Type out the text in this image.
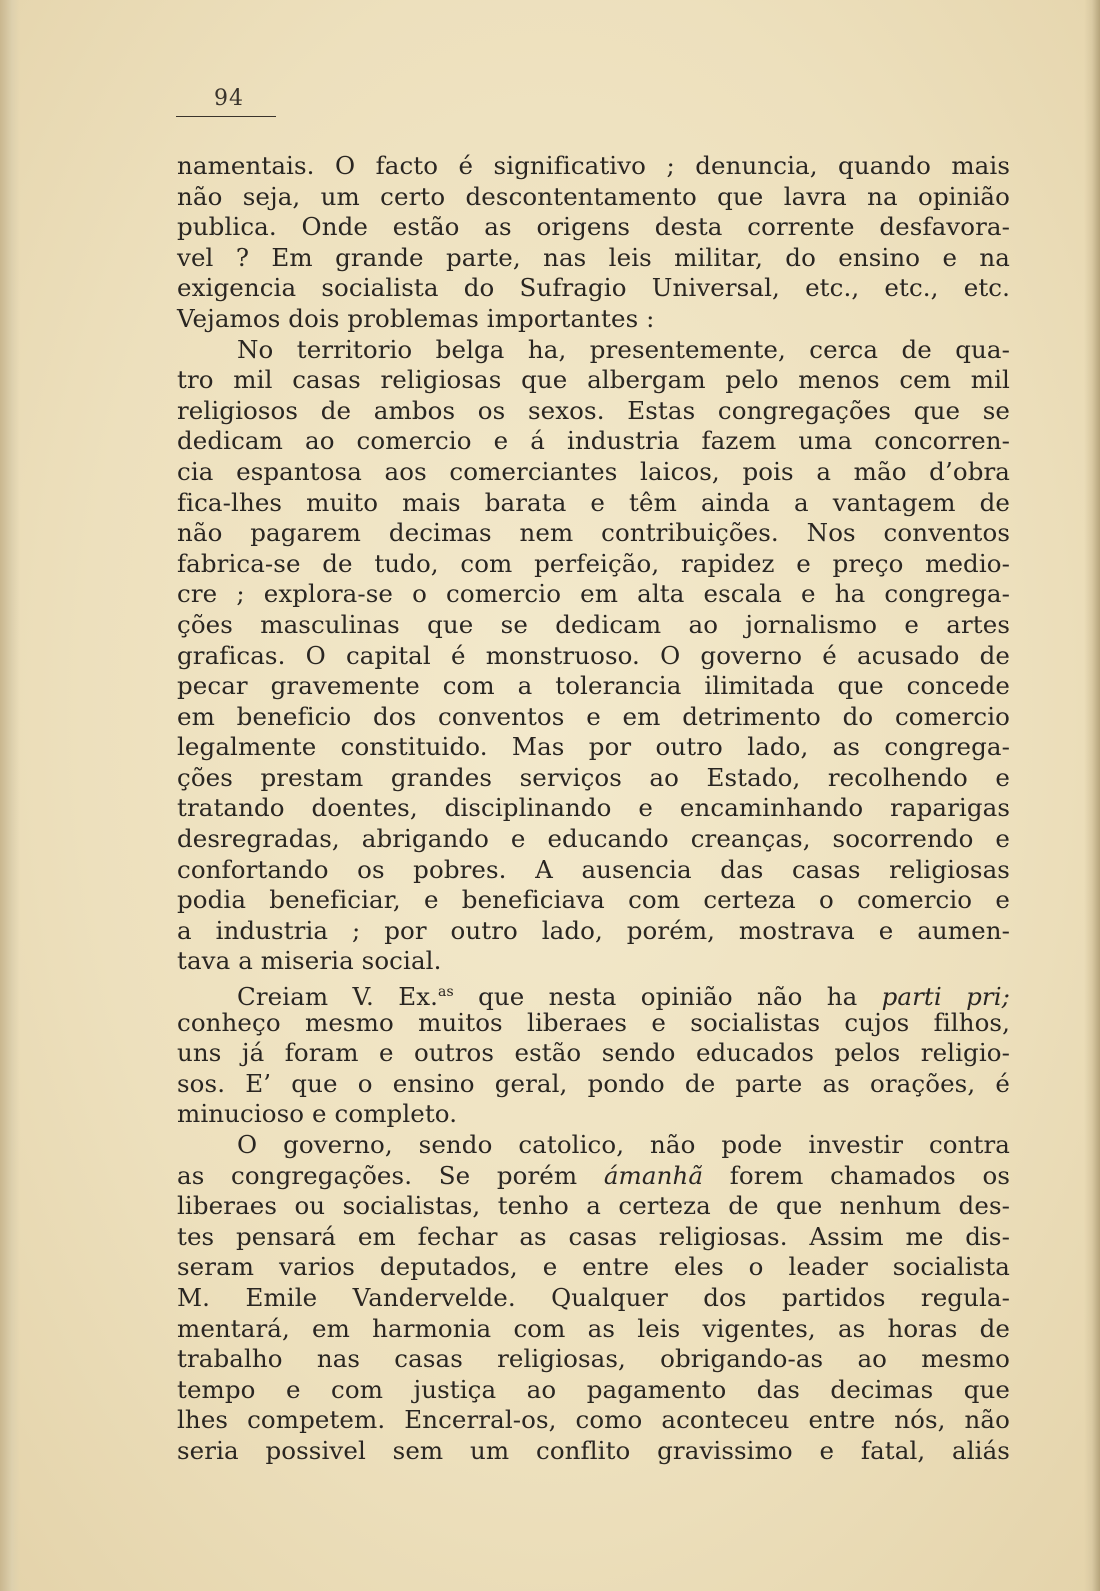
94
namentais. O facto é significativo ; denuncia, quando mais
não seja, um certo descontentamento que lavra na opinião
publica. Onde estão as origens desta corrente desfavora-
vel ? Em grande parte, nas leis militar, do ensino e na
exigencia socialista do Sufragio Universal, etc., etc., etc.
Vejamos dois problemas importantes :
No territorio belga ha, presentemente, cerca de qua-
tro mil casas religiosas que albergam pelo menos cem mil
religiosos de ambos os sexos. Estas congregações que se
dedicam ao comercio e á industria fazem uma concorren-
cia espantosa aos comerciantes laicos, pois a mão d’obra
fica-lhes muito mais barata e têm ainda a vantagem de
não pagarem decimas nem contribuições. Nos conventos
fabrica-se de tudo, com perfeição, rapidez e preço medio-
cre ; explora-se o comercio em alta escala e ha congrega-
ções masculinas que se dedicam ao jornalismo e artes
graficas. O capital é monstruoso. O governo é acusado de
pecar gravemente com a tolerancia ilimitada que concede
em beneficio dos conventos e em detrimento do comercio
legalmente constituido. Mas por outro lado, as congrega-
ções prestam grandes serviços ao Estado, recolhendo e
tratando doentes, disciplinando e encaminhando raparigas
desregradas, abrigando e educando creanças, socorrendo e
confortando os pobres. A ausencia das casas religiosas
podia beneficiar, e beneficiava com certeza o comercio e
a industria ; por outro lado, porém, mostrava e aumen-
tava a miseria social.
Creiam V. Ex.$^{as}$ que nesta opinião não ha parti pri;
conheço mesmo muitos liberaes e socialistas cujos filhos,
uns já foram e outros estão sendo educados pelos religio-
sos. E’ que o ensino geral, pondo de parte as orações, é
minucioso e completo.
O governo, sendo catolico, não pode investir contra
as congregações. Se porém ámanhã forem chamados os
liberaes ou socialistas, tenho a certeza de que nenhum des-
tes pensará em fechar as casas religiosas. Assim me dis-
seram varios deputados, e entre eles o leader socialista
M. Emile Vandervelde. Qualquer dos partidos regula-
mentará, em harmonia com as leis vigentes, as horas de
trabalho nas casas religiosas, obrigando-as ao mesmo
tempo e com justiça ao pagamento das decimas que
lhes competem. Encerral-os, como aconteceu entre nós, não
seria possivel sem um conflito gravissimo e fatal, aliás
